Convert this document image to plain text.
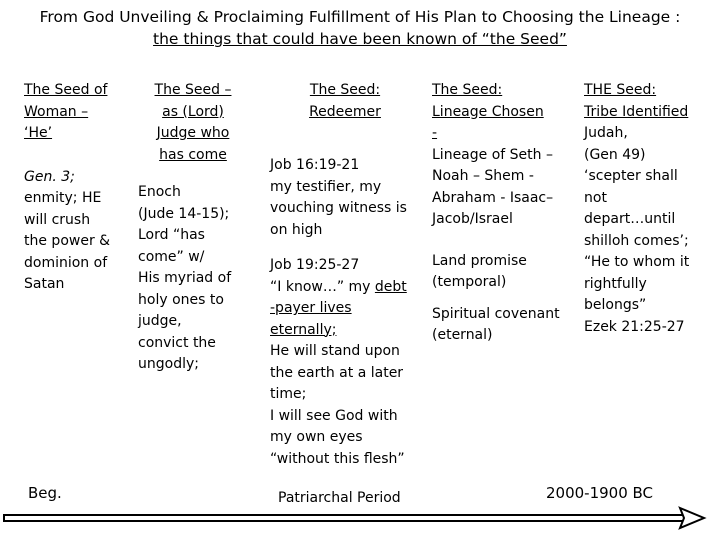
From God Unveiling & Proclaiming Fulfillment of His Plan to Choosing the Lineage :
the things that could have been known of “the Seed”
The Seed of
Woman –
‘He’
Gen. 3;
enmity; HE
will crush
the power &
dominion of
Satan
The Seed –
as (Lord)
Judge who
has come
Enoch
(Jude 14-15);
Lord “has
come” w/
His myriad of
holy ones to
judge,
convict the
ungodly;
The Seed:
Redeemer
Job 16:19-21
my testifier, my
vouching witness is
on high
Job 19:25-27
“I know…” my debt
-payer lives
eternally;
He will stand upon
the earth at a later
time;
I will see God with
my own eyes
“without this flesh”
The Seed:
Lineage Chosen
-
Lineage of Seth –
Noah – Shem -
Abraham - Isaac–
Jacob/Israel
Land promise
(temporal)
Spiritual covenant
(eternal)
THE Seed:
Tribe Identified
Judah,
(Gen 49)
‘scepter shall
not
depart…until
shilloh comes’;
“He to whom it
rightfully
belongs”
Ezek 21:25-27
Beg.	Patriarchal Period	2000-1900 BC
